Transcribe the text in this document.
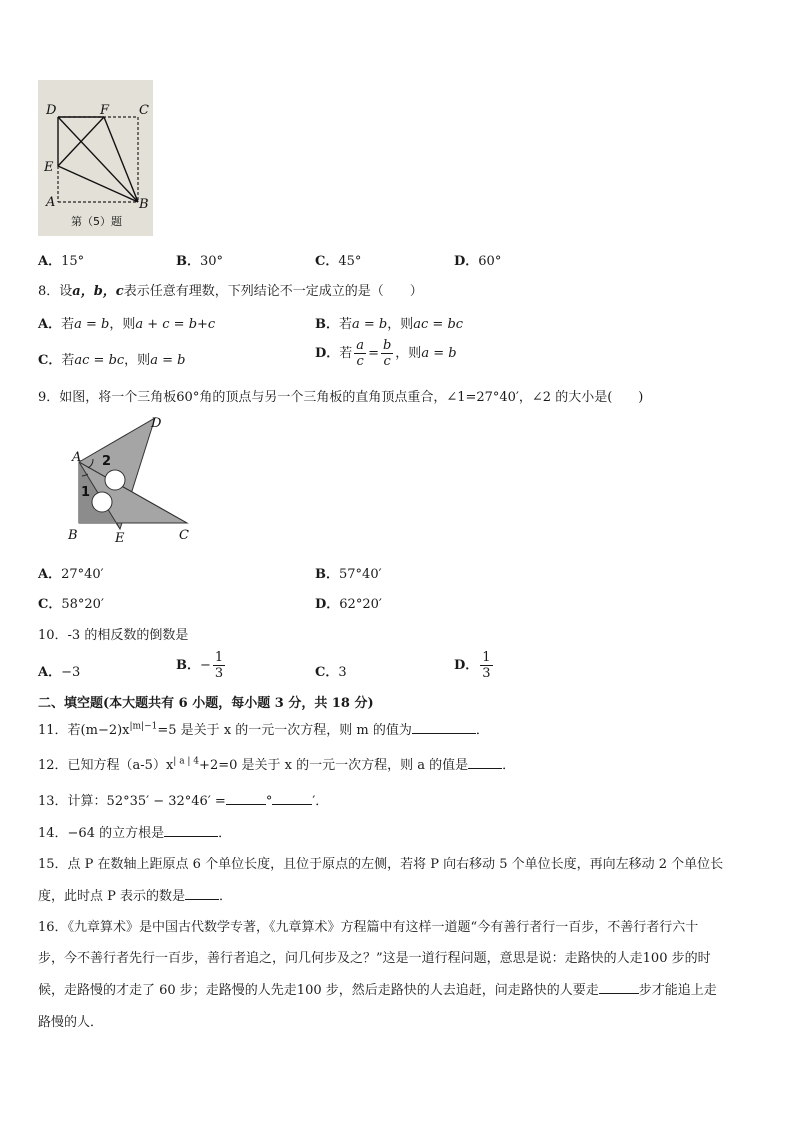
D	F C
E
A	B
第（5）题
A．15°	B．30°	C．45°	D．60°
8．设a，b，c表示任意有理数，下列结论不一定成立的是（　　）
A．若a = b，则a + c = b+c	B．若a = b，则ac = bc
C．若ac = bc，则a = b	D．若 $\frac{a}{c} = \frac{b}{c}$ ，则a = b
9．如图，将一个三角板60°角的顶点与另一个三角板的直角顶点重合，∠1=27°40′，∠2 的大小是(　　)
A
D
B	E	C
2
1
A．27°40′	B．57°40′
C．58°20′	D．62°20′
10．-3 的相反数的倒数是
A．−3	B．− $\frac{1}{3}$	C．3	D． $\frac{1}{3}$
二、填空题(本大题共有 6 小题，每小题 3 分，共 18 分)
11．若$(m-2)x^{|m|-1}=5$ 是关于 x 的一元一次方程，则 m 的值为	．
12．已知方程$(a-5)x^{| a | 4}+2=0$ 是关于 x 的一元一次方程，则 a 的值是	．
13．计算：52°35′ − 32°46′ =	°	′．
14．−64 的立方根是	．
15．点 P 在数轴上距原点 6 个单位长度，且位于原点的左侧，若将 P 向右移动 5 个单位长度，再向左移动 2 个单位长
度，此时点 P 表示的数是	．
16．《九章算术》是中国古代数学专著，《九章算术》方程篇中有这样一道题“今有善行者行一百步，不善行者行六十
步，今不善行者先行一百步，善行者追之，问几何步及之？”这是一道行程问题，意思是说：走路快的人走100 步的时
候，走路慢的才走了 60 步；走路慢的人先走100 步，然后走路快的人去追赶，问走路快的人要走	步才能追上走
路慢的人．
